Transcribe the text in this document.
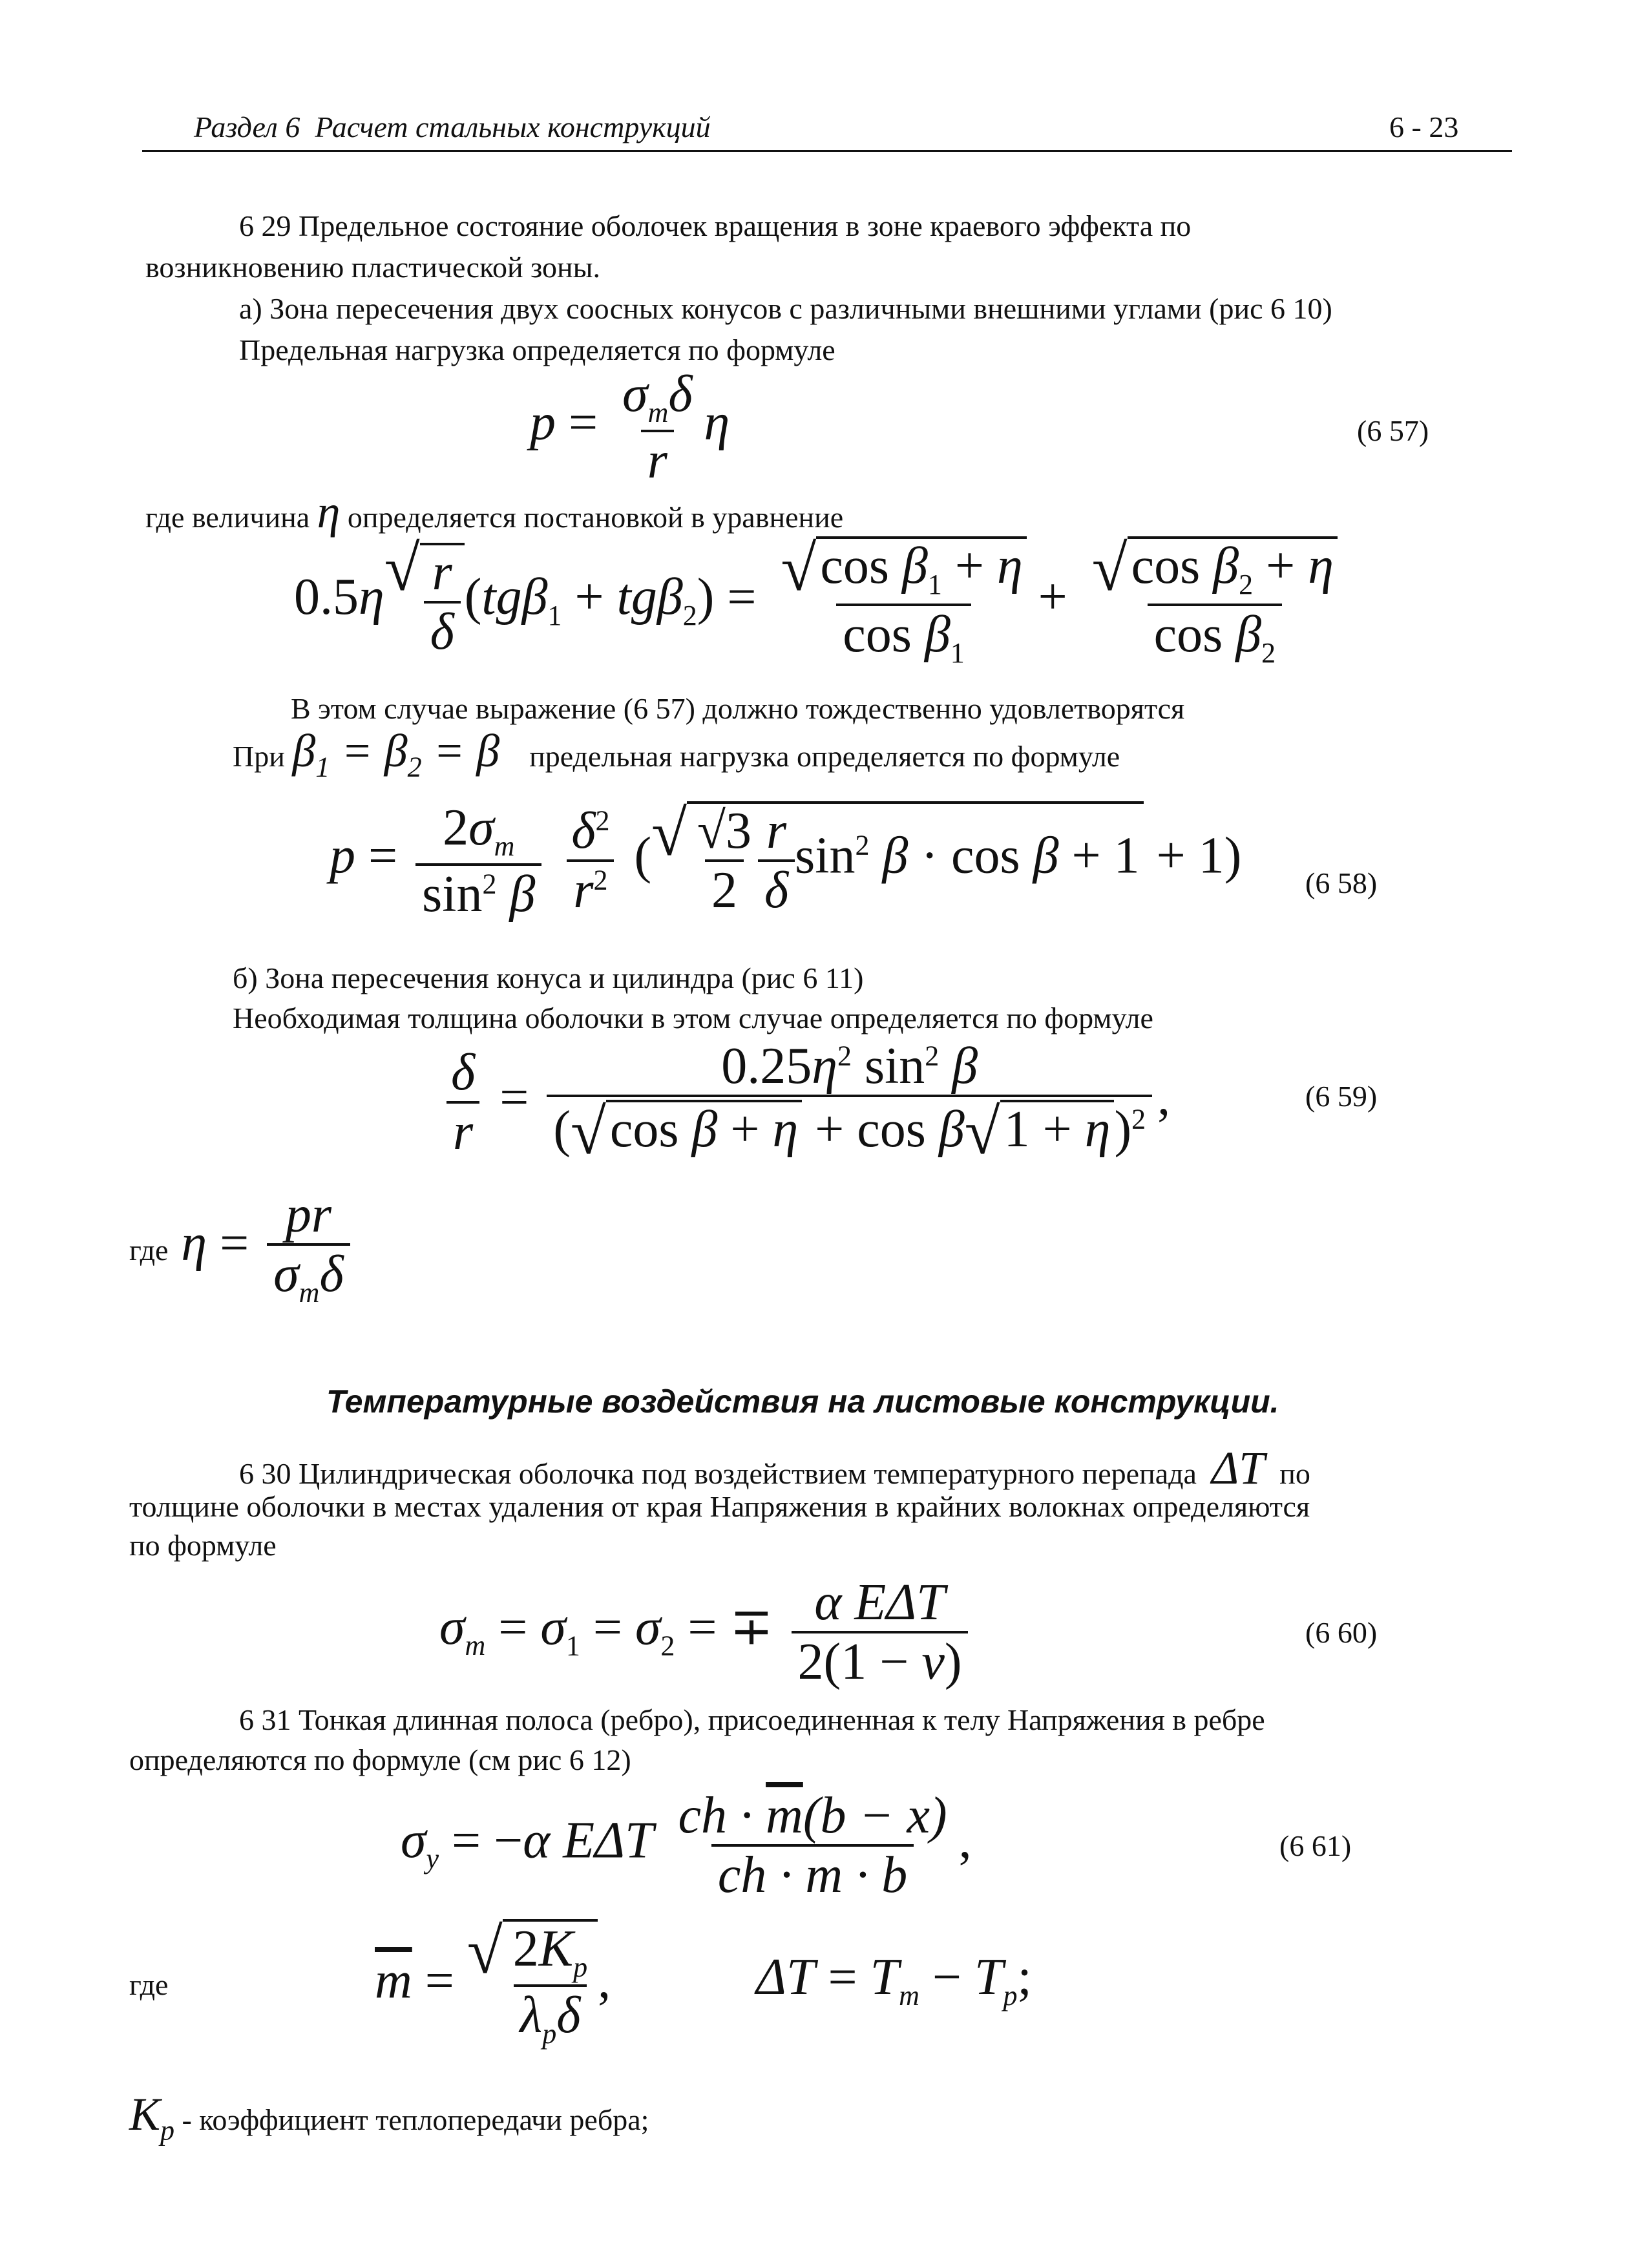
Раздел 6 Расчет стальных конструкций	6 - 23
6 29 Предельное состояние оболочек вращения в зоне краевого эффекта по
возникновению пластической зоны.
а) Зона пересечения двух соосных конусов с различными внешними углами (рис 6 10)
Предельная нагрузка определяется по формуле
$p = \frac{\sigma_т\delta}{r}$ η	(6 57)
где величина η определяется постановкой в уравнение
$0.5\eta√ \frac{r}{\delta} (tg\beta_1 + tg\beta_2) = \frac{√\cos \beta_1 + \eta}{\cos \beta_1} + \frac{√\cos \beta_2 + \eta}{\cos \beta_2}$
В этом случае выражение (6 57) должно тождественно удовлетворятся
При $\beta_1 = \beta_2 = \beta$ предельная нагрузка определяется по формуле
$p = \frac{2\sigma_т}{\sin^2 \beta}$
$\frac{\delta^2}{r^2}$ (√ $\frac{√3}{2} \frac{r}{\delta} \sin^2 \beta \cdot \cos \beta + 1 + 1$) (6 58)
б) Зона пересечения конуса и цилиндра (рис 6 11)
Необходимая толщина оболочки в этом случае определяется по формуле
$\frac{\delta}{r} = \frac{0.25\eta^2 \sin^2 \beta}{(√\cos \beta + \eta + \cos \beta√1 + \eta)^2}$ ,	(6 59)
где $\eta = \frac{pr}{\sigma_т\delta}$
Температурные воздействия на листовые конструкции.
6 30 Цилиндрическая оболочка под воздействием температурного перепада ΔT по
толщине оболочки в местах удаления от края Напряжения в крайних волокнах определяются
по формуле
$\sigma_т = \sigma_1 = \sigma_2$ = ∓ $\frac{\text{α EΔT}}{2(1 - \nu)}$	(6 60)
6 31 Тонкая длинная полоса (ребро), присоединенная к телу Напряжения в ребре
определяются по формуле (см рис 6 12)
$\sigma_y = -\alpha$ EΔT $\frac{ch \cdot \overline{m}(b - x)}{ch \cdot m \cdot b}$ ,	(6 61)
где	$\overline{m}$ = √ $\frac{2K_p}{\lambda_p\delta}$ ,	$\Delta T = T_т - T_p$;
$K_p$ - коэффициент теплопередачи ребра;
